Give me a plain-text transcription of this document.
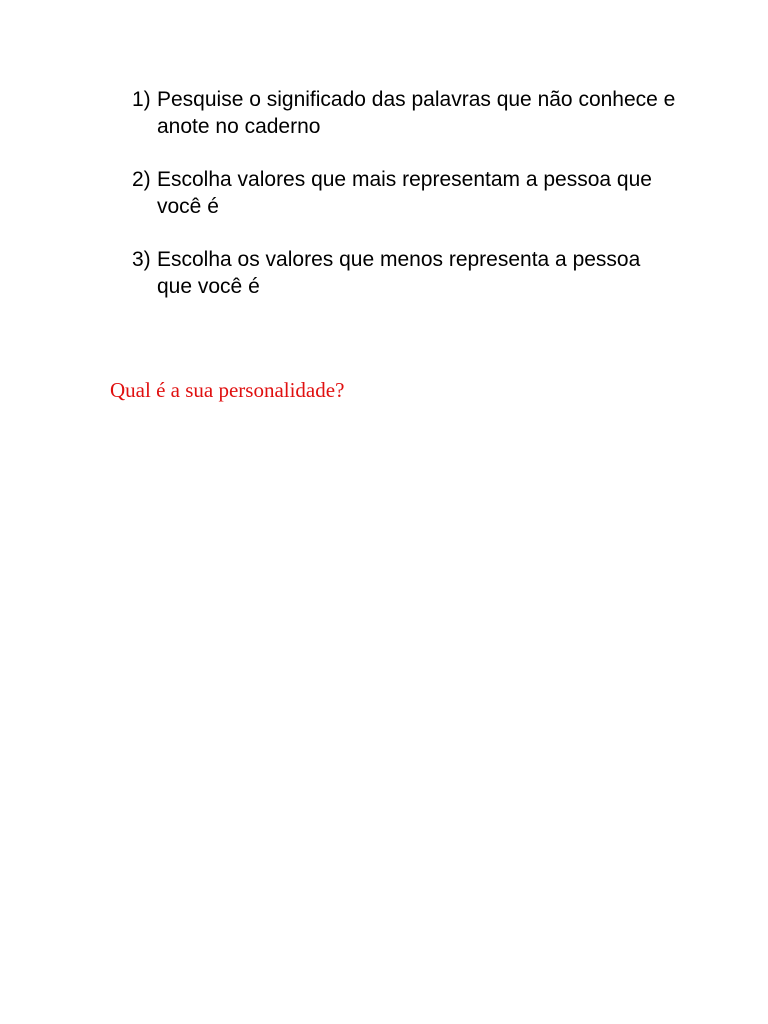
1) Pesquise o significado das palavras que não conhece e anote no caderno
2) Escolha valores que mais representam a pessoa que você é
3) Escolha os valores que menos representa a pessoa que você é

Qual é a sua personalidade?
